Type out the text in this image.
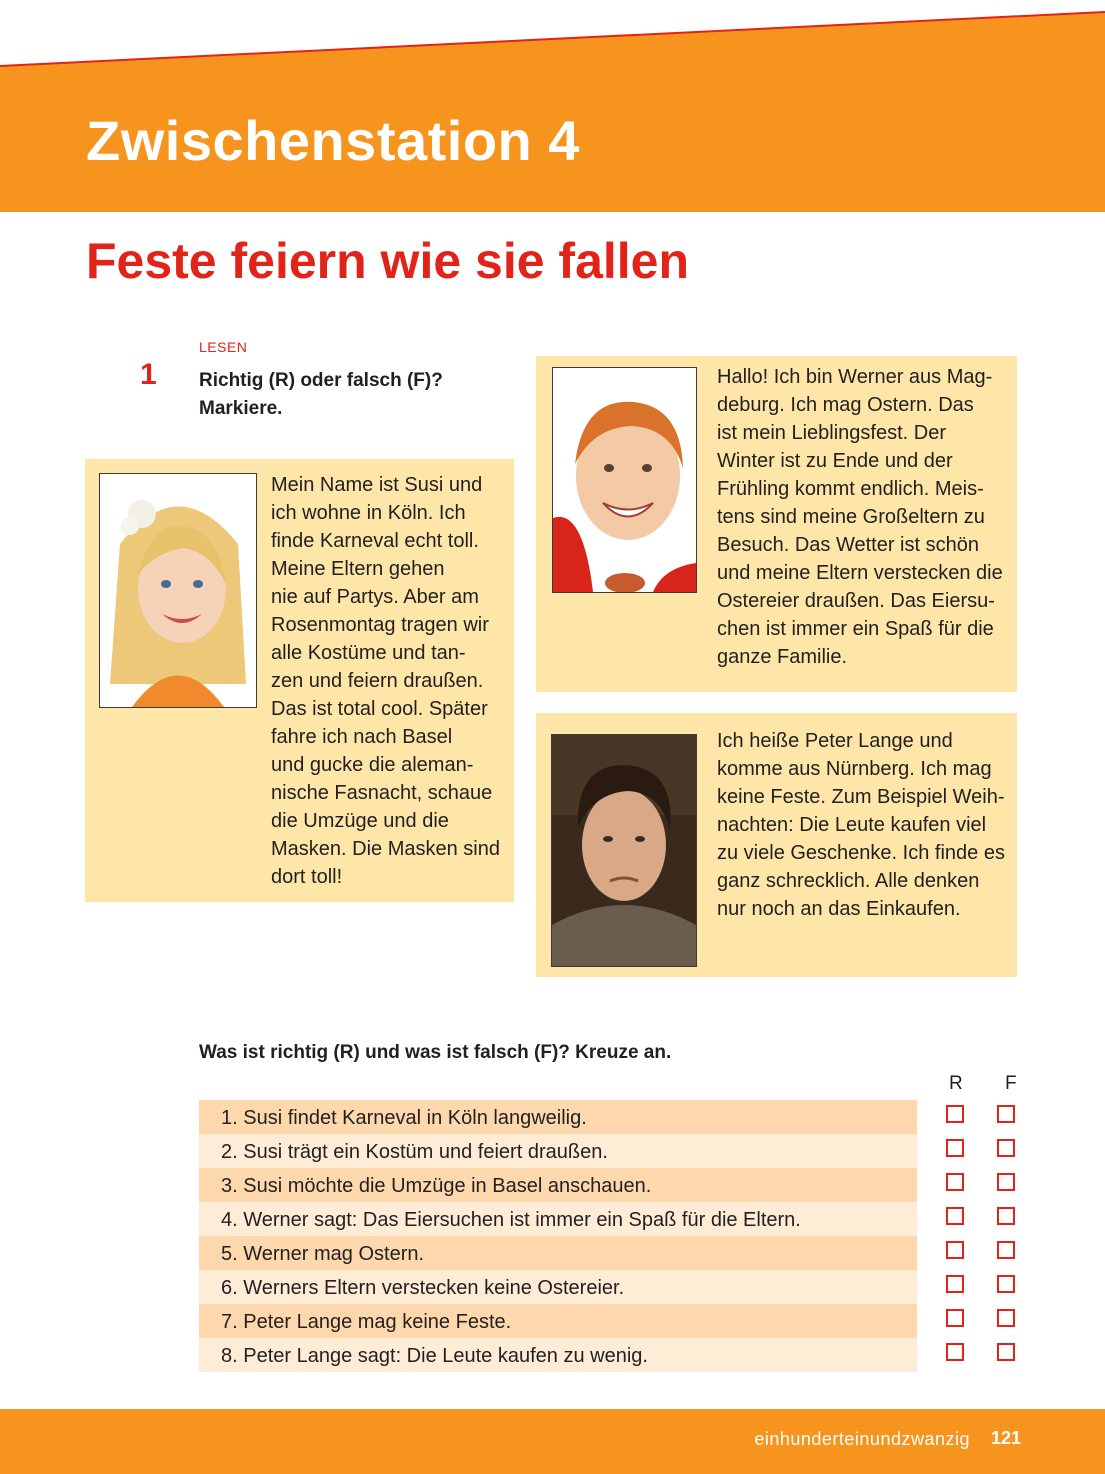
Zwischenstation 4
Feste feiern wie sie fallen
LESEN
1 Richtig (R) oder falsch (F)?
Markiere.

Mein Name ist Susi und
ich wohne in Köln. Ich
finde Karneval echt toll.
Meine Eltern gehen
nie auf Partys. Aber am
Rosenmontag tragen wir
alle Kostüme und tan-
zen und feiern draußen.
Das ist total cool. Später
fahre ich nach Basel
und gucke die aleman-
nische Fasnacht, schaue
die Umzüge und die
Masken. Die Masken sind
dort toll!

Hallo! Ich bin Werner aus Mag-
deburg. Ich mag Ostern. Das
ist mein Lieblingsfest. Der
Winter ist zu Ende und der
Frühling kommt endlich. Meis-
tens sind meine Großeltern zu
Besuch. Das Wetter ist schön
und meine Eltern verstecken die
Ostereier draußen. Das Eiersu-
chen ist immer ein Spaß für die
ganze Familie.

Ich heiße Peter Lange und
komme aus Nürnberg. Ich mag
keine Feste. Zum Beispiel Weih-
nachten: Die Leute kaufen viel
zu viele Geschenke. Ich finde es
ganz schrecklich. Alle denken
nur noch an das Einkaufen.

Was ist richtig (R) und was ist falsch (F)? Kreuze an.
R F
1. Susi findet Karneval in Köln langweilig.
2. Susi trägt ein Kostüm und feiert draußen.
3. Susi möchte die Umzüge in Basel anschauen.
4. Werner sagt: Das Eiersuchen ist immer ein Spaß für die Eltern.
5. Werner mag Ostern.
6. Werners Eltern verstecken keine Ostereier.
7. Peter Lange mag keine Feste.
8. Peter Lange sagt: Die Leute kaufen zu wenig.
einhunderteinundzwanzig 121
